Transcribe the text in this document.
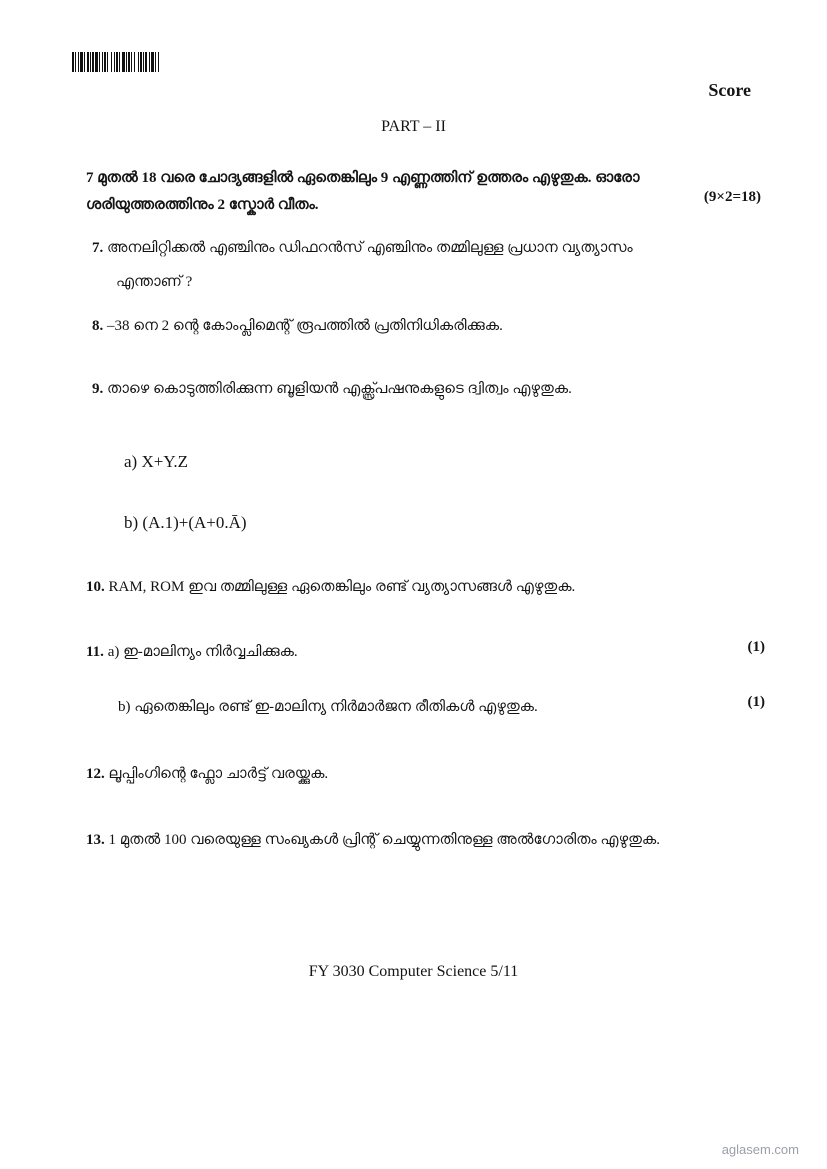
Score
PART – II
7 മുതൽ 18 വരെ ചോദ്യങ്ങളിൽ ഏതെങ്കിലും 9 എണ്ണത്തിന് ഉത്തരം എഴുതുക. ഓരോ ശരിയുത്തരത്തിനും 2 സ്കോർ വീതം.	(9×2=18)
7. അനലിറ്റിക്കൽ എഞ്ചിനും ഡിഫറൻസ് എഞ്ചിനും തമ്മിലുള്ള പ്രധാന വ്യത്യാസം
എന്താണ് ?
8. –38 നെ 2 ന്റെ കോംപ്ലിമെന്റ് രൂപത്തിൽ പ്രതിനിധികരിക്കുക.
9. താഴെ കൊടുത്തിരിക്കുന്ന ബൂളിയൻ എക്സ്പ്രഷനുകളുടെ ദ്വിത്വം എഴുതുക.
a) X+Y.Z
b) (A.1)+(A+0.Ā)
10. RAM, ROM ഇവ തമ്മിലുള്ള ഏതെങ്കിലും രണ്ട് വ്യത്യാസങ്ങൾ എഴുതുക.
11. a) ഇ-മാലിന്യം നിർവ്വചിക്കുക.	(1)
b) ഏതെങ്കിലും രണ്ട് ഇ-മാലിന്യ നിർമാർജന രീതികൾ എഴുതുക.	(1)
12. ലൂപ്പിംഗിന്റെ ഫ്ലോ ചാർട്ട് വരയ്ക്കുക.
13. 1 മുതൽ 100 വരെയുള്ള സംഖ്യകൾ പ്രിന്റ് ചെയ്യുന്നതിനുള്ള അൽഗോരിതം എഴുതുക.
FY 3030 Computer Science 5/11
aglasem.com
